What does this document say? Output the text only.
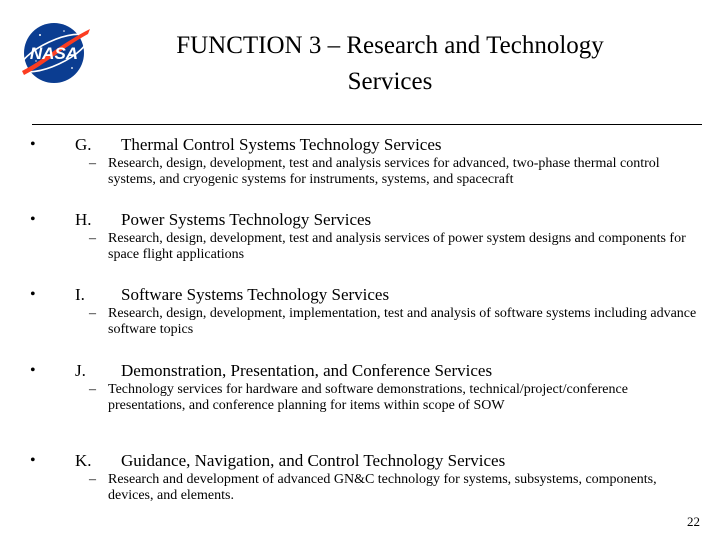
NASA	FUNCTION 3 – Research and Technology
Services
• G. Thermal Control Systems Technology Services
– Research, design, development, test and analysis services for advanced, two-phase thermal control systems, and cryogenic systems for instruments, systems, and spacecraft
• H. Power Systems Technology Services
– Research, design, development, test and analysis services of power system designs and components for space flight applications
• I. Software Systems Technology Services
– Research, design, development, implementation, test and analysis of software systems including advance software topics
• J. Demonstration, Presentation, and Conference Services
– Technology services for hardware and software demonstrations, technical/project/conference presentations, and conference planning for items within scope of SOW
• K. Guidance, Navigation, and Control Technology Services
– Research and development of advanced GN&C technology for systems, subsystems, components, devices, and elements.
22
